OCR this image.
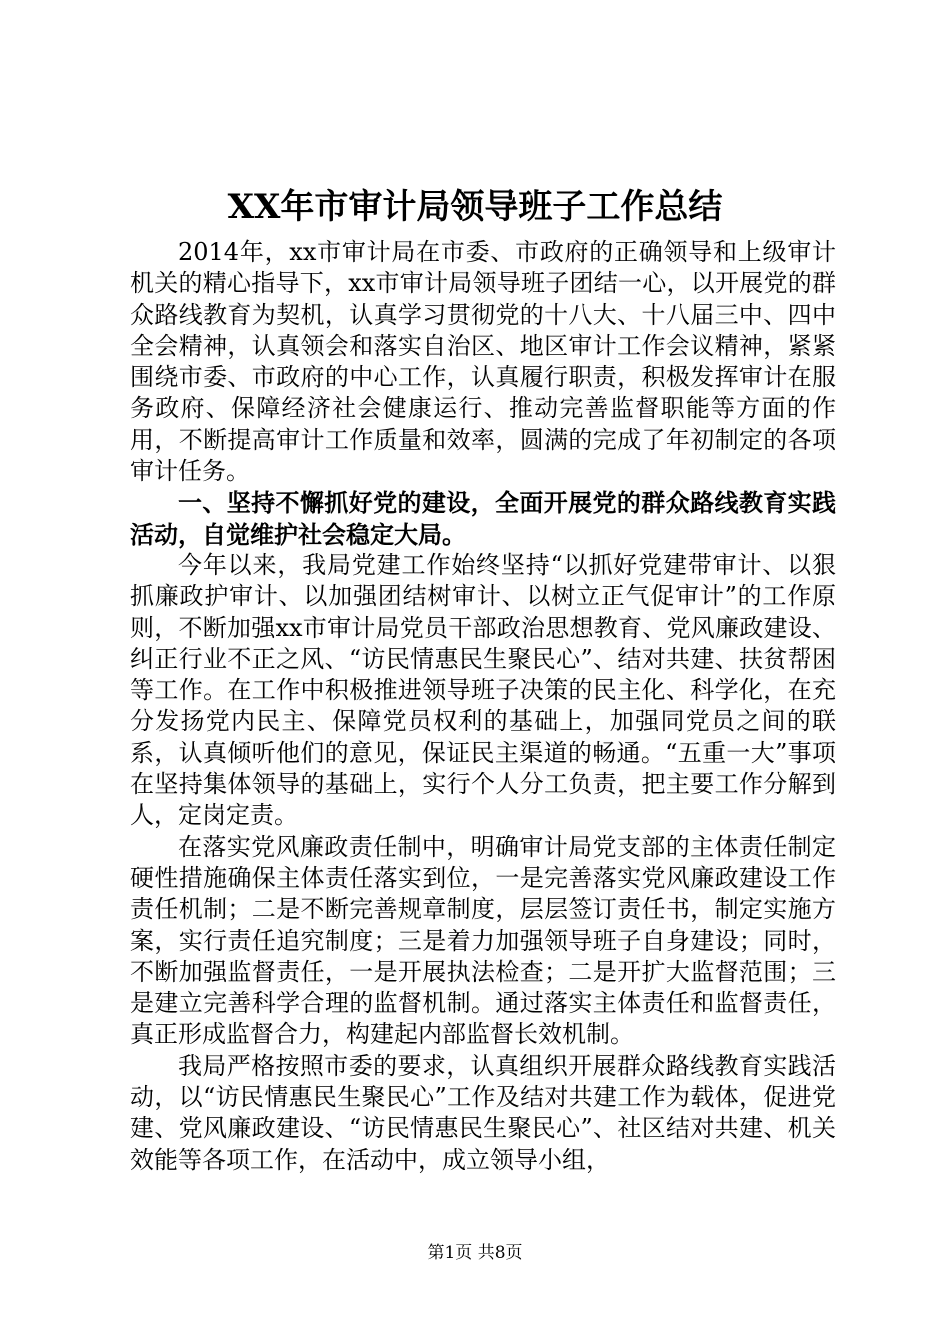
XX年市审计局领导班子工作总结

2014年，xx市审计局在市委、市政府的正确领导和上级审计机关的精心指导下，xx市审计局领导班子团结一心，以开展党的群众路线教育为契机，认真学习贯彻党的十八大、十八届三中、四中全会精神，认真领会和落实自治区、地区审计工作会议精神，紧紧围绕市委、市政府的中心工作，认真履行职责，积极发挥审计在服务政府、保障经济社会健康运行、推动完善监督职能等方面的作用，不断提高审计工作质量和效率，圆满的完成了年初制定的各项审计任务。

一、坚持不懈抓好党的建设，全面开展党的群众路线教育实践活动，自觉维护社会稳定大局。

今年以来，我局党建工作始终坚持“以抓好党建带审计、以狠抓廉政护审计、以加强团结树审计、以树立正气促审计”的工作原则，不断加强xx市审计局党员干部政治思想教育、党风廉政建设、纠正行业不正之风、“访民情惠民生聚民心”、结对共建、扶贫帮困等工作。在工作中积极推进领导班子决策的民主化、科学化，在充分发扬党内民主、保障党员权利的基础上，加强同党员之间的联系，认真倾听他们的意见，保证民主渠道的畅通。“五重一大”事项在坚持集体领导的基础上，实行个人分工负责，把主要工作分解到人，定岗定责。

在落实党风廉政责任制中，明确审计局党支部的主体责任制定硬性措施确保主体责任落实到位，一是完善落实党风廉政建设工作责任机制；二是不断完善规章制度，层层签订责任书，制定实施方案，实行责任追究制度；三是着力加强领导班子自身建设；同时，不断加强监督责任，一是开展执法检查；二是开扩大监督范围；三是建立完善科学合理的监督机制。通过落实主体责任和监督责任，真正形成监督合力，构建起内部监督长效机制。

我局严格按照市委的要求，认真组织开展群众路线教育实践活动，以“访民情惠民生聚民心”工作及结对共建工作为载体，促进党建、党风廉政建设、“访民情惠民生聚民心”、社区结对共建、机关效能等各项工作，在活动中，成立领导小组，

第1页 共8页
